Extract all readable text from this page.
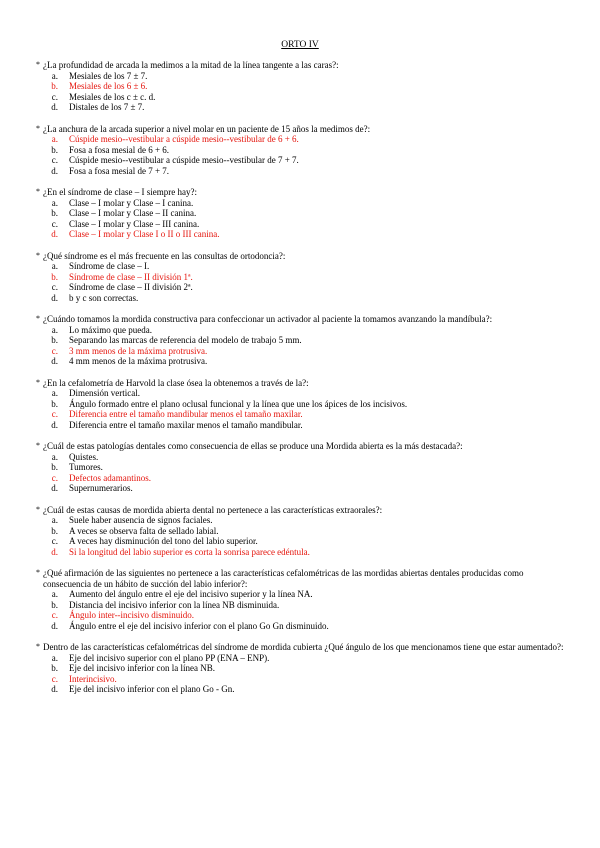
ORTO IV
* ¿La profundidad de arcada la medimos a la mitad de la línea tangente a las caras?:
a.	Mesiales de los 7 ± 7.
b.	Mesiales de los 6 ± 6.
c.	Mesiales de los c ± c. d.
d.	Distales de los 7 ± 7.
* ¿La anchura de la arcada superior a nivel molar en un paciente de 15 años la medimos de?:
a.	Cúspide mesio--vestibular a cúspide mesio--vestibular de 6 + 6.
b.	Fosa a fosa mesial de 6 + 6.
c.	Cúspide mesio--vestibular a cúspide mesio--vestibular de 7 + 7.
d.	Fosa a fosa mesial de 7 + 7.
* ¿En el síndrome de clase – I siempre hay?:
a.	Clase – I molar y Clase – I canina.
b.	Clase – I molar y Clase – II canina.
c.	Clase – I molar y Clase – III canina.
d.	Clase – I molar y Clase I o II o III canina.
* ¿Qué síndrome es el más frecuente en las consultas de ortodoncia?:
a.	Síndrome de clase – I.
b.	Síndrome de clase – II división 1ª.
c.	Síndrome de clase – II división 2ª.
d.	b y c son correctas.
* ¿Cuándo tomamos la mordida constructiva para confeccionar un activador al paciente la tomamos avanzando la mandíbula?:
a.	Lo máximo que pueda.
b.	Separando las marcas de referencia del modelo de trabajo 5 mm.
c.	3 mm menos de la máxima protrusiva.
d.	4 mm menos de la máxima protrusiva.
* ¿En la cefalometría de Harvold la clase ósea la obtenemos a través de la?:
a.	Dimensión vertical.
b.	Ángulo formado entre el plano oclusal funcional y la línea que une los ápices de los incisivos.
c.	Diferencia entre el tamaño mandibular menos el tamaño maxilar.
d.	Diferencia entre el tamaño maxilar menos el tamaño mandibular.
* ¿Cuál de estas patologías dentales como consecuencia de ellas se produce una Mordida abierta es la más destacada?:
a.	Quistes.
b.	Tumores.
c.	Defectos adamantinos.
d.	Supernumerarios.
* ¿Cuál de estas causas de mordida abierta dental no pertenece a las características extraorales?:
a.	Suele haber ausencia de signos faciales.
b.	A veces se observa falta de sellado labial.
c.	A veces hay disminución del tono del labio superior.
d.	Si la longitud del labio superior es corta la sonrisa parece edéntula.
* ¿Qué afirmación de las siguientes no pertenece a las características cefalométricas de las mordidas abiertas dentales producidas como consecuencia de un hábito de succión del labio inferior?:
a.	Aumento del ángulo entre el eje del incisivo superior y la línea NA.
b.	Distancia del incisivo inferior con la línea NB disminuida.
c.	Ángulo inter--incisivo disminuido.
d.	Ángulo entre el eje del incisivo inferior con el plano Go Gn disminuido.
* Dentro de las características cefalométricas del síndrome de mordida cubierta ¿Qué ángulo de los que mencionamos tiene que estar aumentado?:
a.	Eje del incisivo superior con el plano PP (ENA – ENP).
b.	Eje del incisivo inferior con la línea NB.
c.	Interincisivo.
d.	Eje del incisivo inferior con el plano Go - Gn.
